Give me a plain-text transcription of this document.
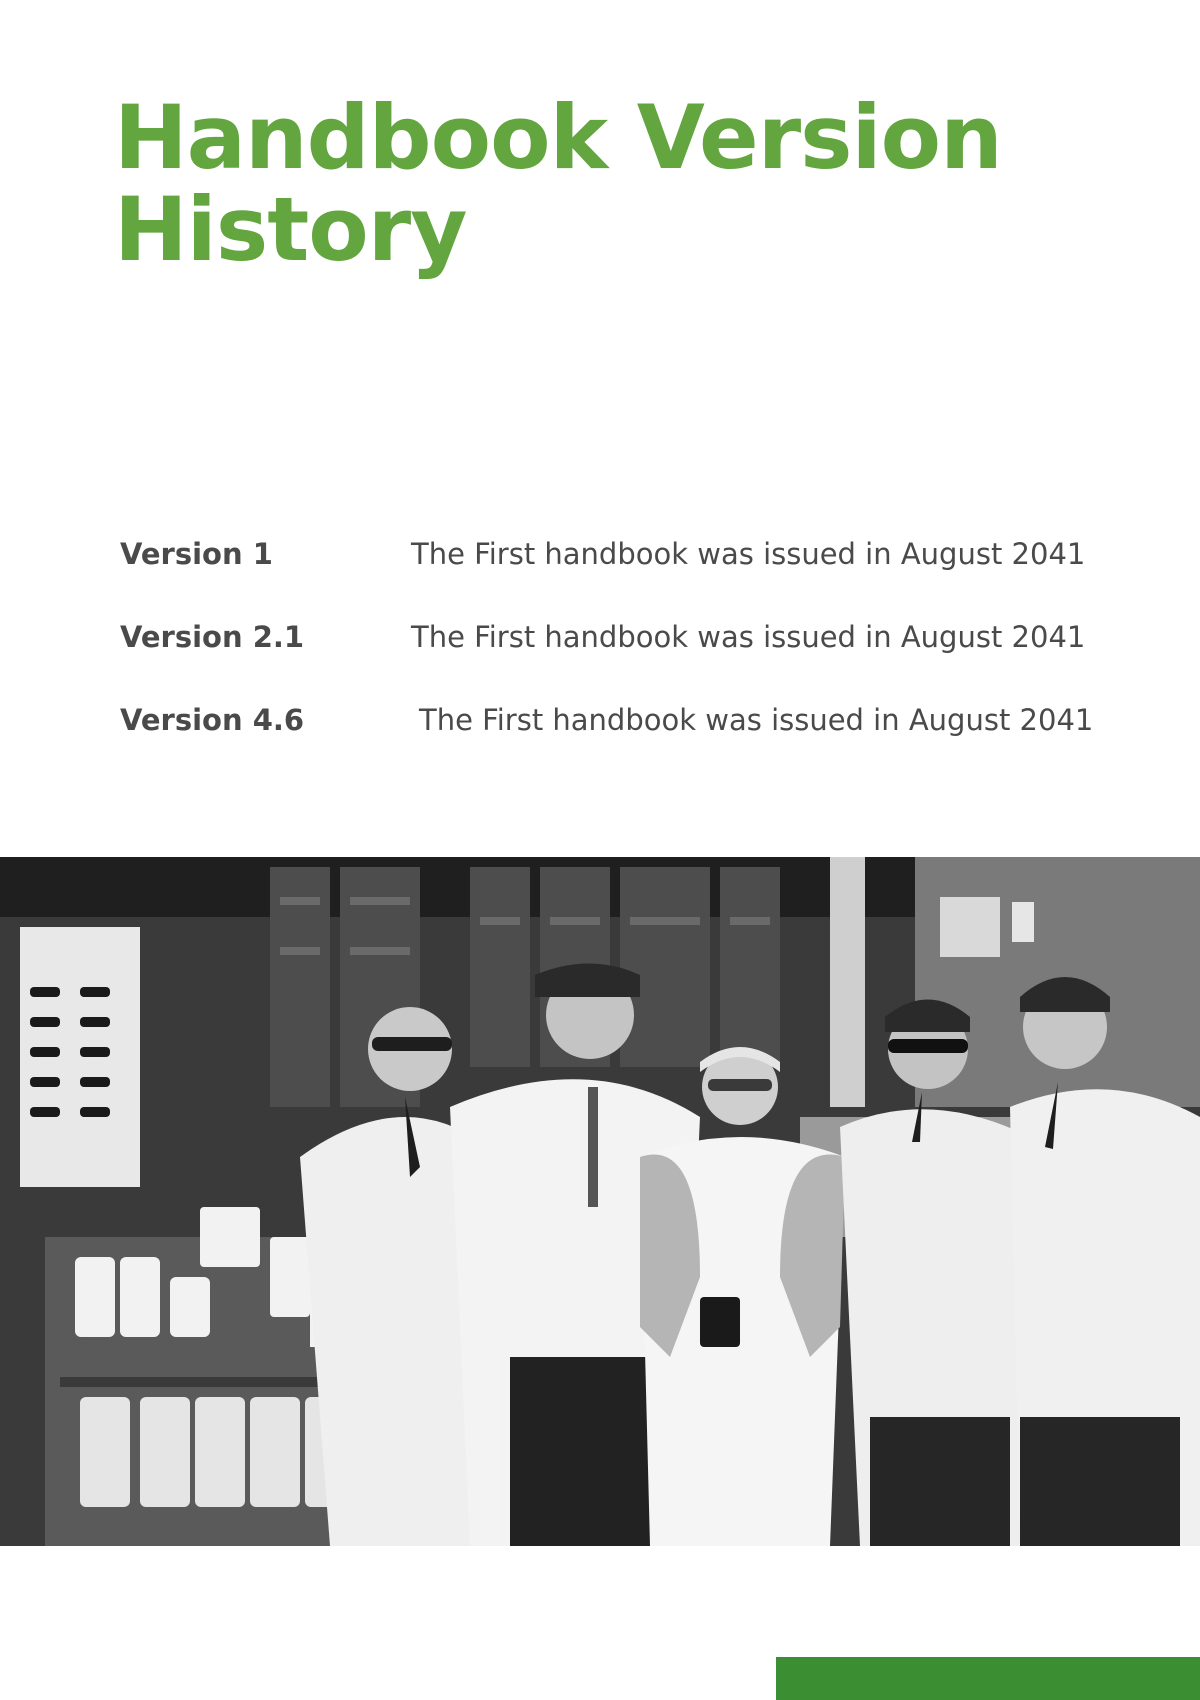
Handbook Version
History
Version 1	The First handbook was issued in August 2041
Version 2.1	The First handbook was issued in August 2041
Version 4.6	The First handbook was issued in August 2041
